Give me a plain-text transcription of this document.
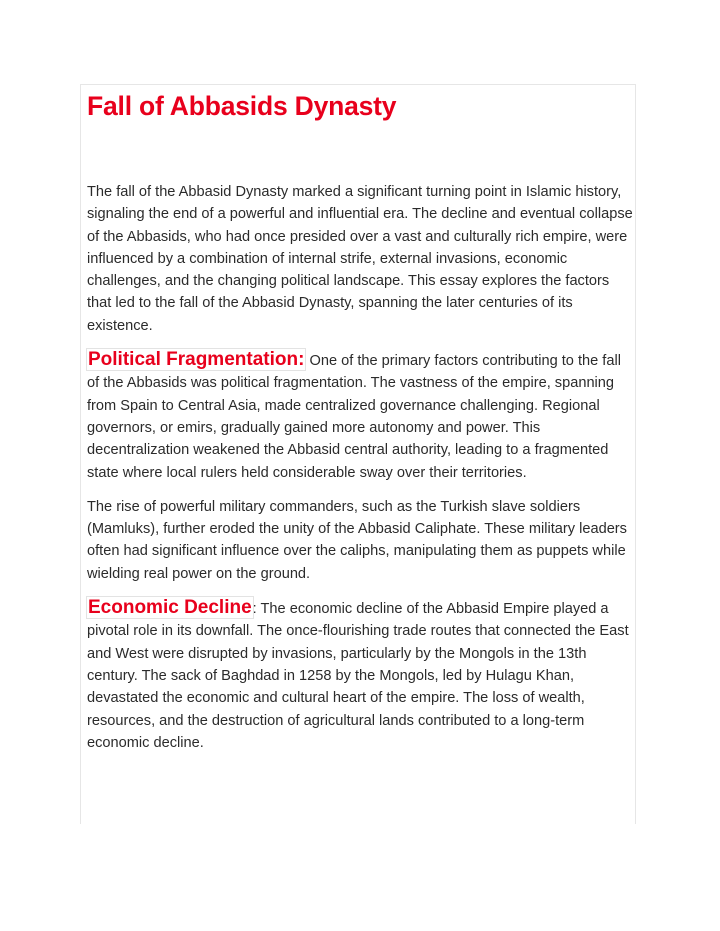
Fall of Abbasids Dynasty

The fall of the Abbasid Dynasty marked a significant turning point in Islamic history, signaling the end of a powerful and influential era. The decline and eventual collapse of the Abbasids, who had once presided over a vast and culturally rich empire, were influenced by a combination of internal strife, external invasions, economic challenges, and the changing political landscape. This essay explores the factors that led to the fall of the Abbasid Dynasty, spanning the later centuries of its existence.

Political Fragmentation: One of the primary factors contributing to the fall of the Abbasids was political fragmentation. The vastness of the empire, spanning from Spain to Central Asia, made centralized governance challenging. Regional governors, or emirs, gradually gained more autonomy and power. This decentralization weakened the Abbasid central authority, leading to a fragmented state where local rulers held considerable sway over their territories.

The rise of powerful military commanders, such as the Turkish slave soldiers (Mamluks), further eroded the unity of the Abbasid Caliphate. These military leaders often had significant influence over the caliphs, manipulating them as puppets while wielding real power on the ground.

Economic Decline: The economic decline of the Abbasid Empire played a pivotal role in its downfall. The once-flourishing trade routes that connected the East and West were disrupted by invasions, particularly by the Mongols in the 13th century. The sack of Baghdad in 1258 by the Mongols, led by Hulagu Khan, devastated the economic and cultural heart of the empire. The loss of wealth, resources, and the destruction of agricultural lands contributed to a long-term economic decline.
